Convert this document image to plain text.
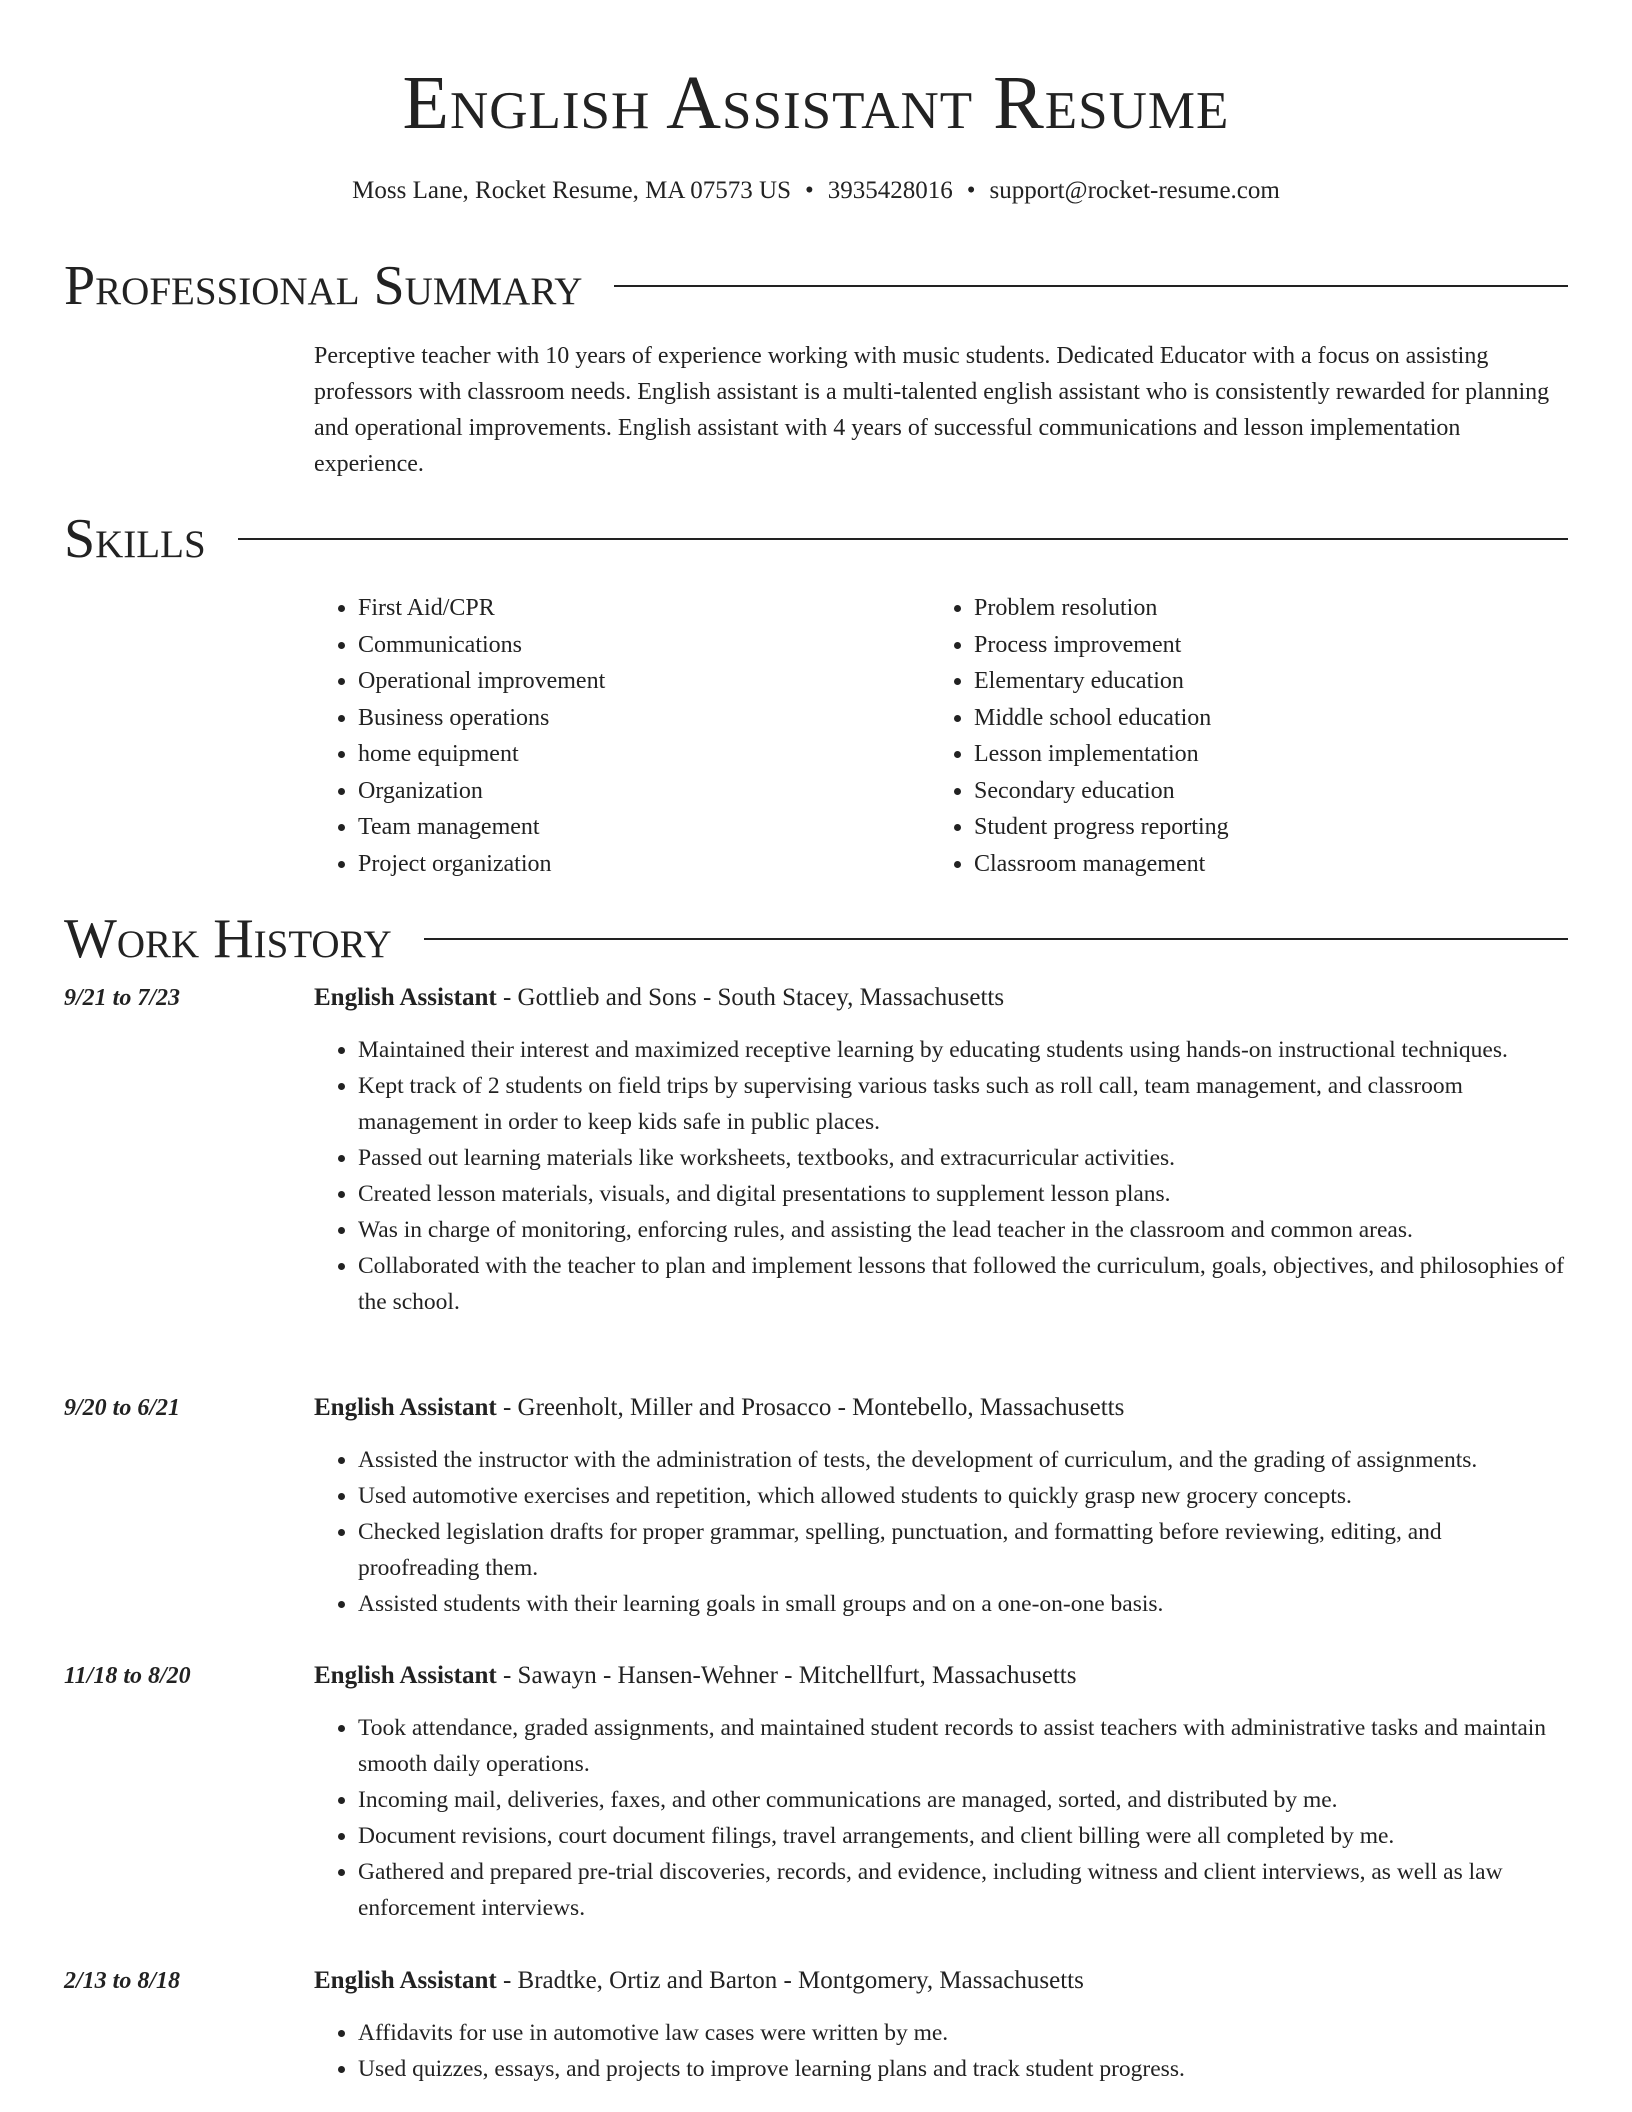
English Assistant Resume
Moss Lane, Rocket Resume, MA 07573 US • 3935428016 • support@rocket-resume.com
Professional Summary

Perceptive teacher with 10 years of experience working with music students. Dedicated Educator with a focus on assisting professors with classroom needs. English assistant is a multi-talented english assistant who is consistently rewarded for planning and operational improvements. English assistant with 4 years of successful communications and lesson implementation experience.

Skills
• First Aid/CPR
• Communications
• Operational improvement
• Business operations
• home equipment
• Organization
• Team management
• Project organization
• Problem resolution
• Process improvement
• Elementary education
• Middle school education
• Lesson implementation
• Secondary education
• Student progress reporting
• Classroom management
Work History
9/21 to 7/23	English Assistant - Gottlieb and Sons - South Stacey, Massachusetts
• Maintained their interest and maximized receptive learning by educating students using hands-on instructional techniques.
• Kept track of 2 students on field trips by supervising various tasks such as roll call, team management, and classroom management in order to keep kids safe in public places.
• Passed out learning materials like worksheets, textbooks, and extracurricular activities.
• Created lesson materials, visuals, and digital presentations to supplement lesson plans.
• Was in charge of monitoring, enforcing rules, and assisting the lead teacher in the classroom and common areas.
• Collaborated with the teacher to plan and implement lessons that followed the curriculum, goals, objectives, and philosophies of the school.
9/20 to 6/21	English Assistant - Greenholt, Miller and Prosacco - Montebello, Massachusetts
• Assisted the instructor with the administration of tests, the development of curriculum, and the grading of assignments.
• Used automotive exercises and repetition, which allowed students to quickly grasp new grocery concepts.
• Checked legislation drafts for proper grammar, spelling, punctuation, and formatting before reviewing, editing, and proofreading them.
• Assisted students with their learning goals in small groups and on a one-on-one basis.
11/18 to 8/20	English Assistant - Sawayn - Hansen-Wehner - Mitchellfurt, Massachusetts
• Took attendance, graded assignments, and maintained student records to assist teachers with administrative tasks and maintain smooth daily operations.
• Incoming mail, deliveries, faxes, and other communications are managed, sorted, and distributed by me.
• Document revisions, court document filings, travel arrangements, and client billing were all completed by me.
• Gathered and prepared pre-trial discoveries, records, and evidence, including witness and client interviews, as well as law enforcement interviews.
2/13 to 8/18	English Assistant - Bradtke, Ortiz and Barton - Montgomery, Massachusetts
• Affidavits for use in automotive law cases were written by me.
• Used quizzes, essays, and projects to improve learning plans and track student progress.
